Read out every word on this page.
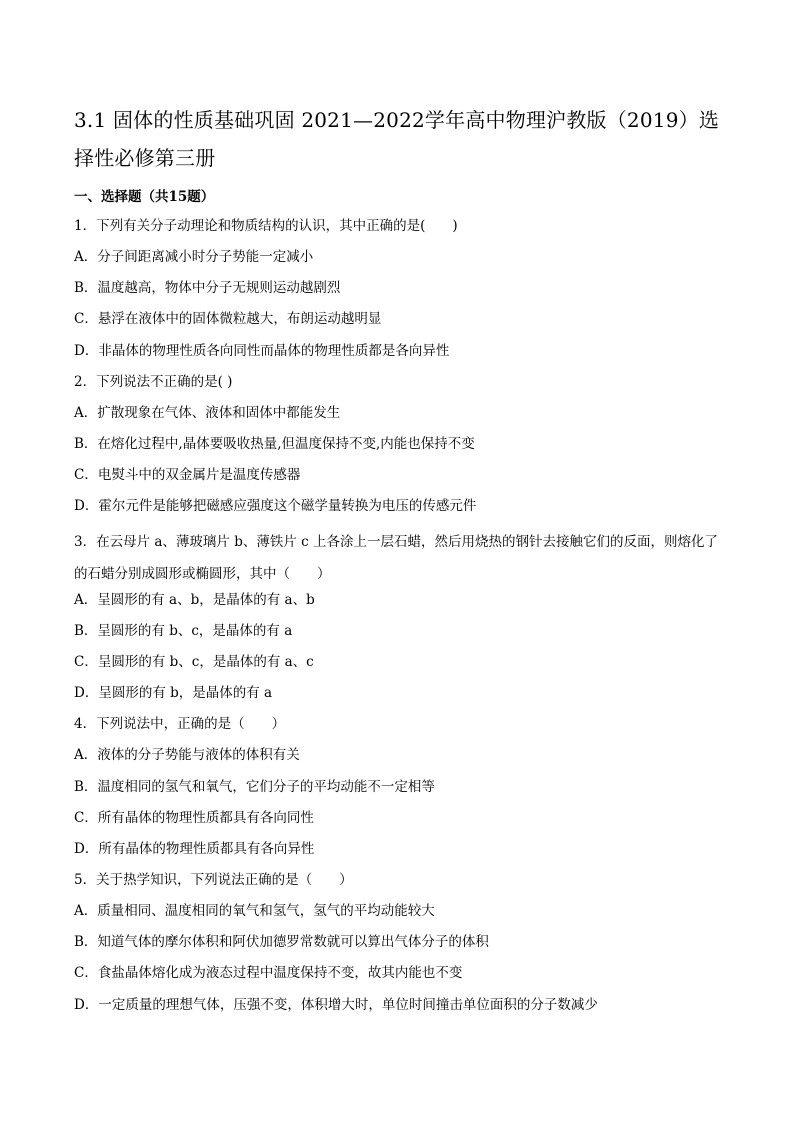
3.1 固体的性质基础巩固 2021—2022学年高中物理沪教版（2019）选择性必修第三册
一、选择题（共15题）
1．下列有关分子动理论和物质结构的认识，其中正确的是(　　)
A．分子间距离减小时分子势能一定减小
B．温度越高，物体中分子无规则运动越剧烈
C．悬浮在液体中的固体微粒越大，布朗运动越明显
D．非晶体的物理性质各向同性而晶体的物理性质都是各向异性
2．下列说法不正确的是( )
A．扩散现象在气体、液体和固体中都能发生
B．在熔化过程中,晶体要吸收热量,但温度保持不变,内能也保持不变
C．电熨斗中的双金属片是温度传感器
D．霍尔元件是能够把磁感应强度这个磁学量转换为电压的传感元件
3．在云母片 a、薄玻璃片 b、薄铁片 c 上各涂上一层石蜡，然后用烧热的钢针去接触它们的反面，则熔化了的石蜡分别成圆形或椭圆形，其中（　　）
A．呈圆形的有 a、b，是晶体的有 a、b
B．呈圆形的有 b、c，是晶体的有 a
C．呈圆形的有 b、c，是晶体的有 a、c
D．呈圆形的有 b，是晶体的有 a
4．下列说法中，正确的是（　　）
A．液体的分子势能与液体的体积有关
B．温度相同的氢气和氧气，它们分子的平均动能不一定相等
C．所有晶体的物理性质都具有各向同性
D．所有晶体的物理性质都具有各向异性
5．关于热学知识，下列说法正确的是（　　）
A．质量相同、温度相同的氧气和氢气，氢气的平均动能较大
B．知道气体的摩尔体积和阿伏加德罗常数就可以算出气体分子的体积
C．食盐晶体熔化成为液态过程中温度保持不变，故其内能也不变
D．一定质量的理想气体，压强不变，体积增大时，单位时间撞击单位面积的分子数减少
